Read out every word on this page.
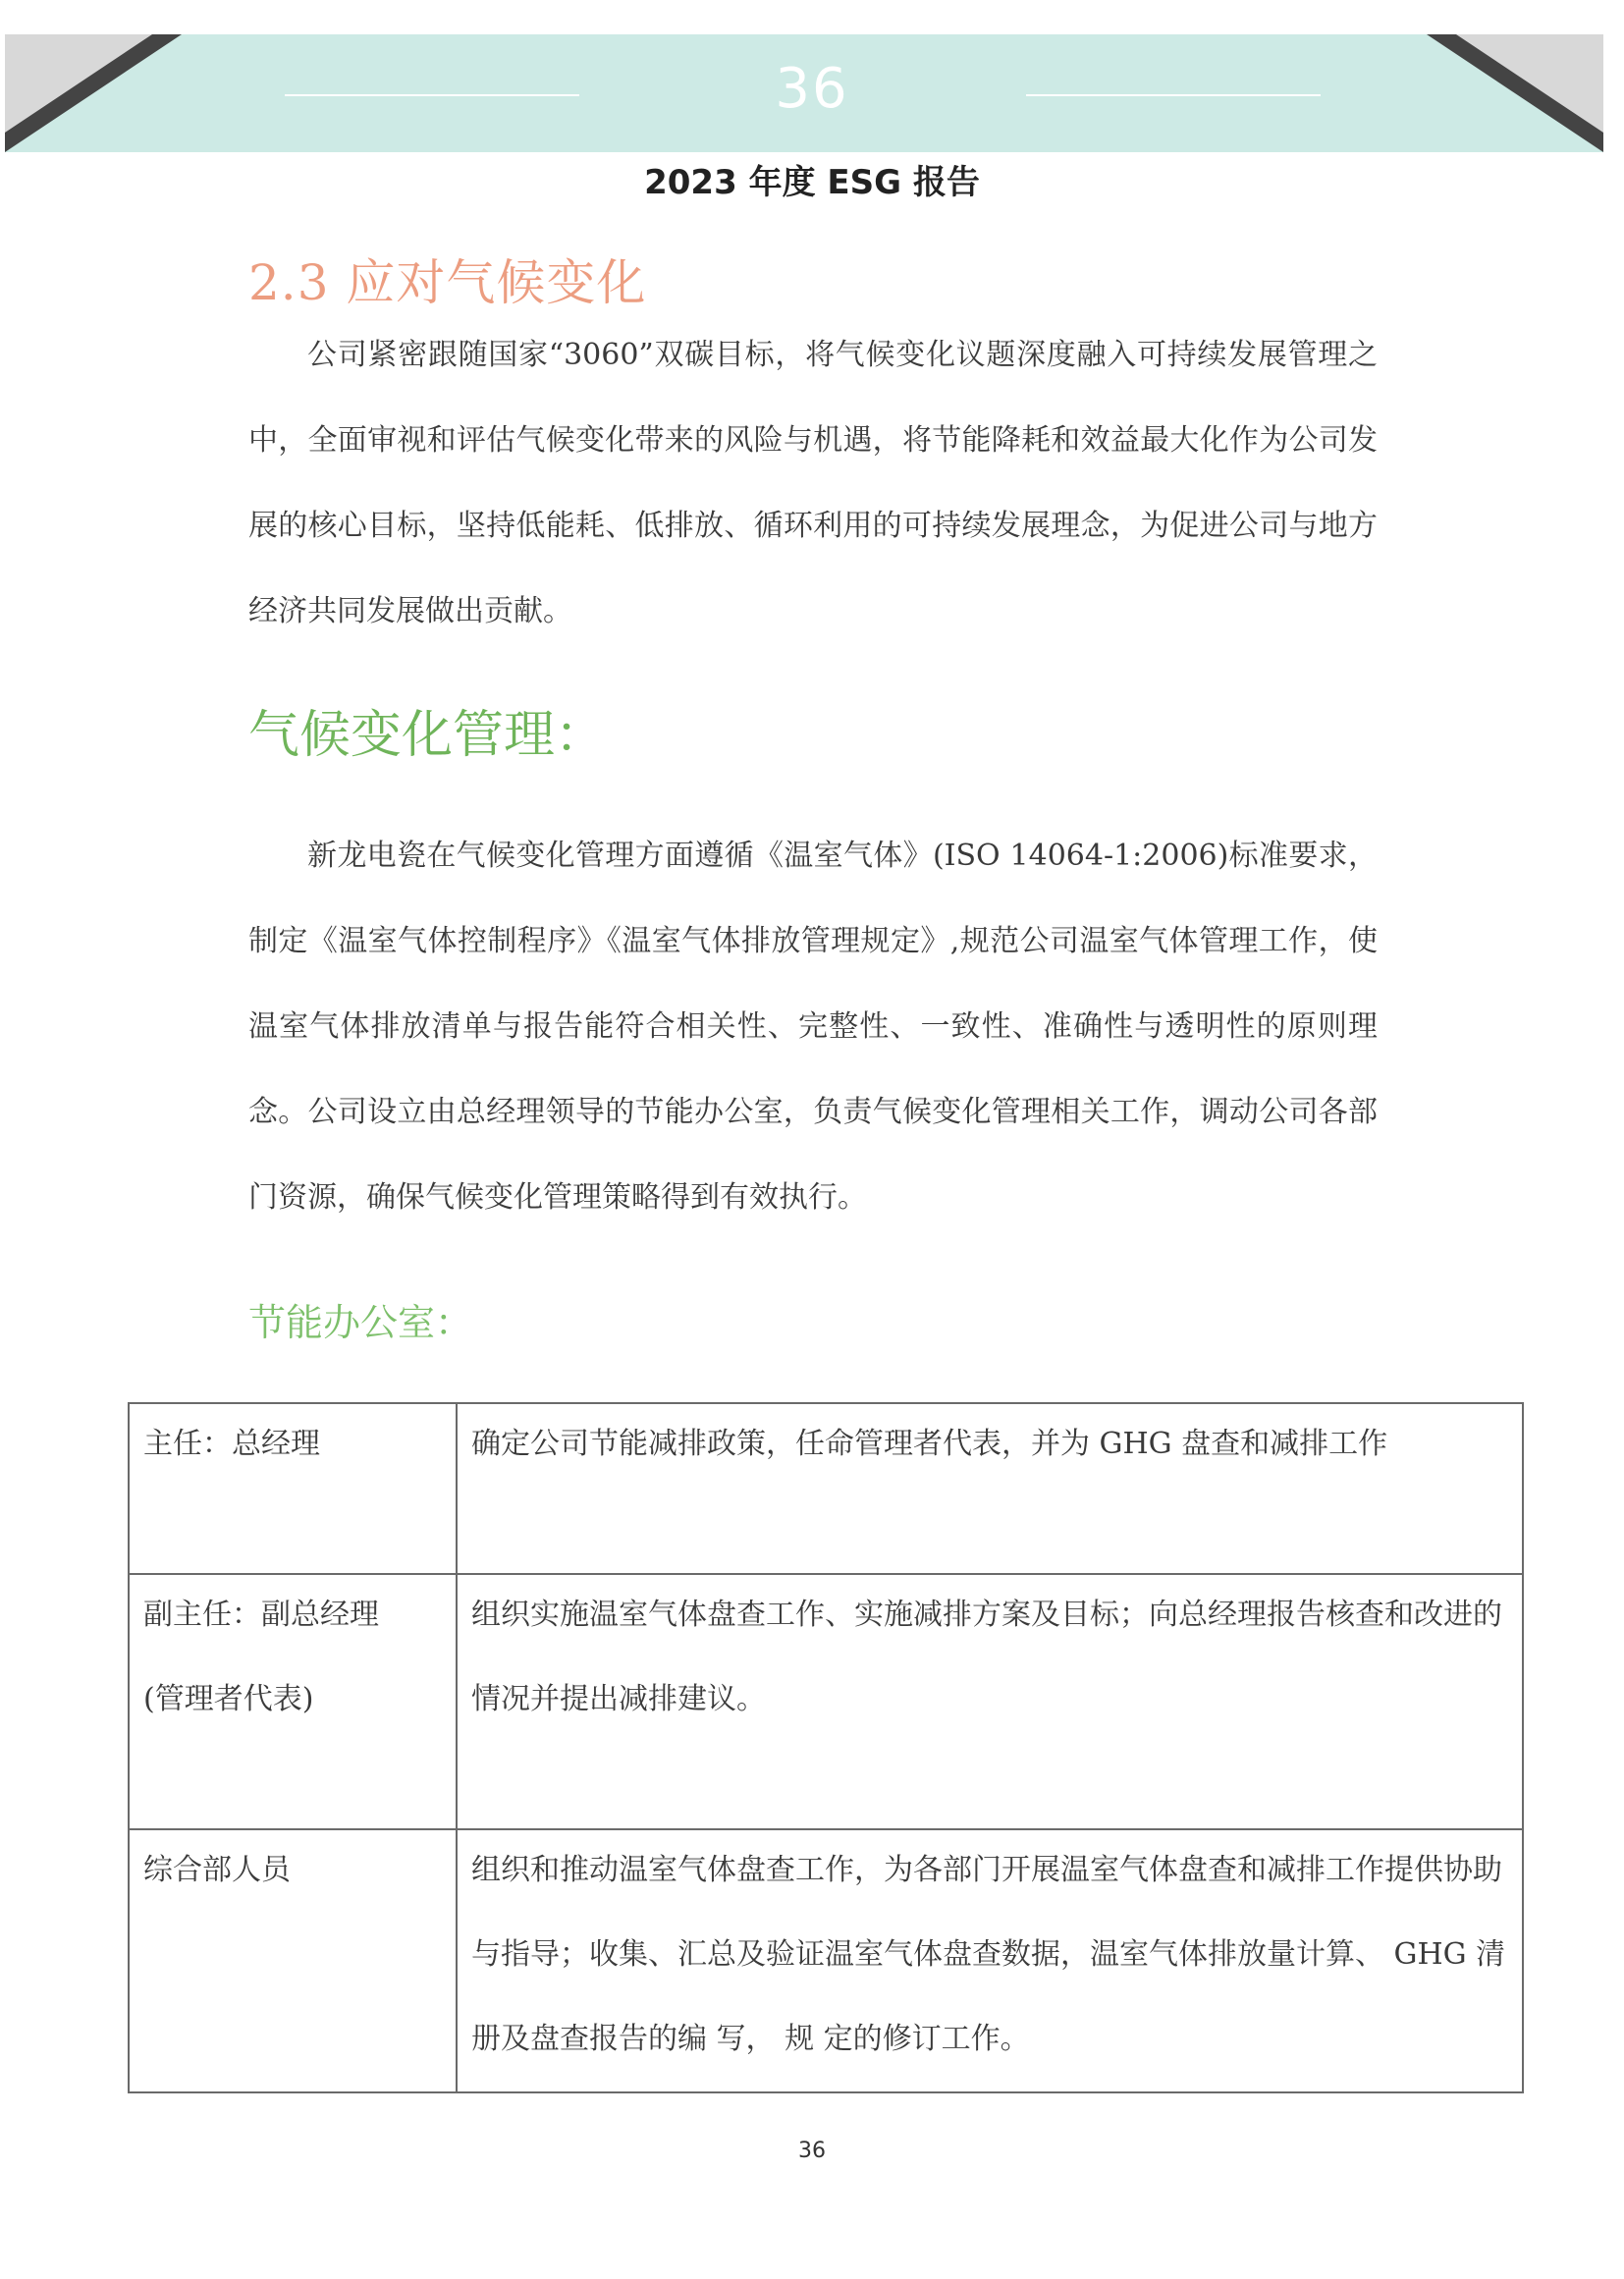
36
2023 年度 ESG 报告
2.3 应对气候变化

公司紧密跟随国家“3060”双碳目标，将气候变化议题深度融入可持续发展管理之中，全面审视和评估气候变化带来的风险与机遇，将节能降耗和效益最大化作为公司发展的核心目标，坚持低能耗、低排放、循环利用的可持续发展理念，为促进公司与地方经济共同发展做出贡献。

气候变化管理：

新龙电瓷在气候变化管理方面遵循《温室气体》(ISO 14064-1:2006)标准要求，制定《温室气体控制程序》《温室气体排放管理规定》,规范公司温室气体管理工作，使温室气体排放清单与报告能符合相关性、完整性、一致性、准确性与透明性的原则理念。公司设立由总经理领导的节能办公室，负责气候变化管理相关工作，调动公司各部门资源，确保气候变化管理策略得到有效执行。

节能办公室：
主任：总经理	确定公司节能减排政策，任命管理者代表，并为 GHG 盘查和减排工作

副主任：副总经理
(管理者代表)	组织实施温室气体盘查工作、实施减排方案及目标；向总经理报告核查和改进的情况并提出减排建议。

综合部人员	组织和推动温室气体盘查工作，为各部门开展温室气体盘查和减排工作提供协助与指导；收集、汇总及验证温室气体盘查数据，温室气体排放量计算、 GHG 清册及盘查报告的编 写， 规 定的修订工作。
36
